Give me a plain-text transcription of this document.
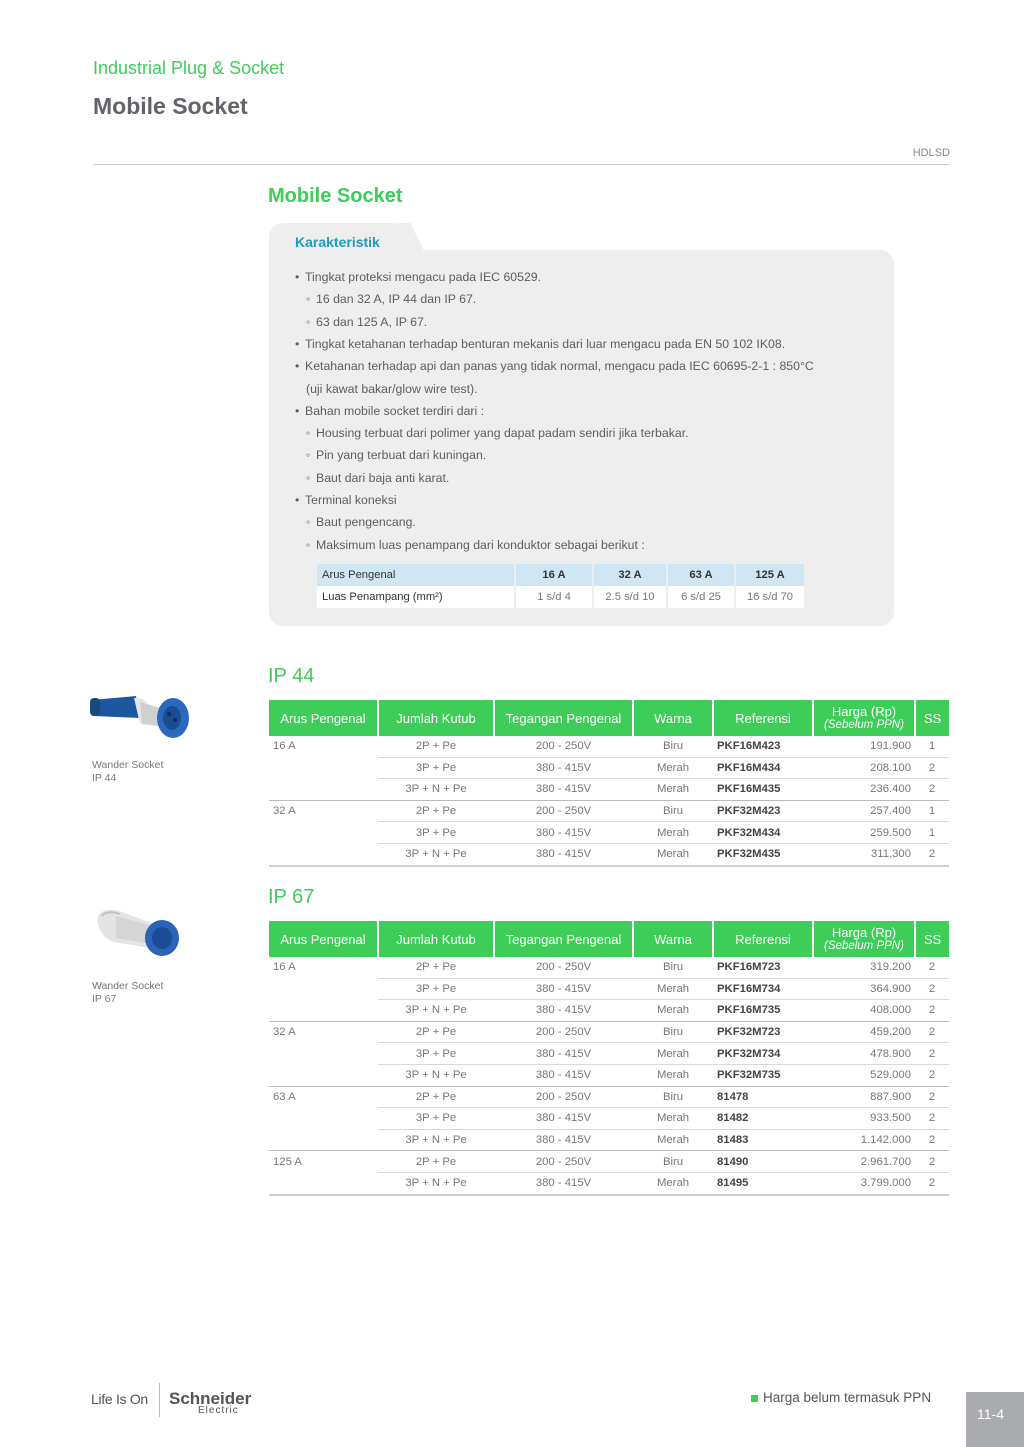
Industrial Plug & Socket
Mobile Socket
HDLSD
Mobile Socket
Karakteristik
• Tingkat proteksi mengacu pada IEC 60529.
◦ 16 dan 32 A, IP 44 dan IP 67.
◦ 63 dan 125 A, IP 67.
• Tingkat ketahanan terhadap benturan mekanis dari luar mengacu pada EN 50 102 IK08.
• Ketahanan terhadap api dan panas yang tidak normal, mengacu pada IEC 60695-2-1 : 850°C
(uji kawat bakar/glow wire test).
• Bahan mobile socket terdiri dari :
◦ Housing terbuat dari polimer yang dapat padam sendiri jika terbakar.
◦ Pin yang terbuat dari kuningan.
◦ Baut dari baja anti karat.
• Terminal koneksi
◦ Baut pengencang.
◦ Maksimum luas penampang dari konduktor sebagai berikut :
Arus Pengenal	16 A	32 A	63 A	125 A
Luas Penampang (mm²)	1 s/d 4	2.5 s/d 10	6 s/d 25	16 s/d 70
IP 44
Wander Socket
IP 44
Arus Pengenal	Jumlah Kutub	Tegangan Pengenal	Warna	Referensi	Harga (Rp)
(Sebelum PPN)	SS
16 A	2P + Pe	200 - 250V	Biru	PKF16M423	191.900	1
	3P + Pe	380 - 415V	Merah	PKF16M434	208.100	2
	3P + N + Pe	380 - 415V	Merah	PKF16M435	236.400	2
32 A	2P + Pe	200 - 250V	Biru	PKF32M423	257.400	1
	3P + Pe	380 - 415V	Merah	PKF32M434	259.500	1
	3P + N + Pe	380 - 415V	Merah	PKF32M435	311.300	2
IP 67
Wander Socket
IP 67
Arus Pengenal	Jumlah Kutub	Tegangan Pengenal	Warna	Referensi	Harga (Rp)
(Sebelum PPN)	SS
16 A	2P + Pe	200 - 250V	Biru	PKF16M723	319.200	2
	3P + Pe	380 - 415V	Merah	PKF16M734	364.900	2
	3P + N + Pe	380 - 415V	Merah	PKF16M735	408.000	2
32 A	2P + Pe	200 - 250V	Biru	PKF32M723	459.200	2
	3P + Pe	380 - 415V	Merah	PKF32M734	478.900	2
	3P + N + Pe	380 - 415V	Merah	PKF32M735	529.000	2
63 A	2P + Pe	200 - 250V	Biru	81478	887.900	2
	3P + Pe	380 - 415V	Merah	81482	933.500	2
	3P + N + Pe	380 - 415V	Merah	81483	1.142.000	2
125 A	2P + Pe	200 - 250V	Biru	81490	2.961.700	2
	3P + N + Pe	380 - 415V	Merah	81495	3.799.000	2
Life Is On Schneider
Electric
Harga belum termasuk PPN
11-4
